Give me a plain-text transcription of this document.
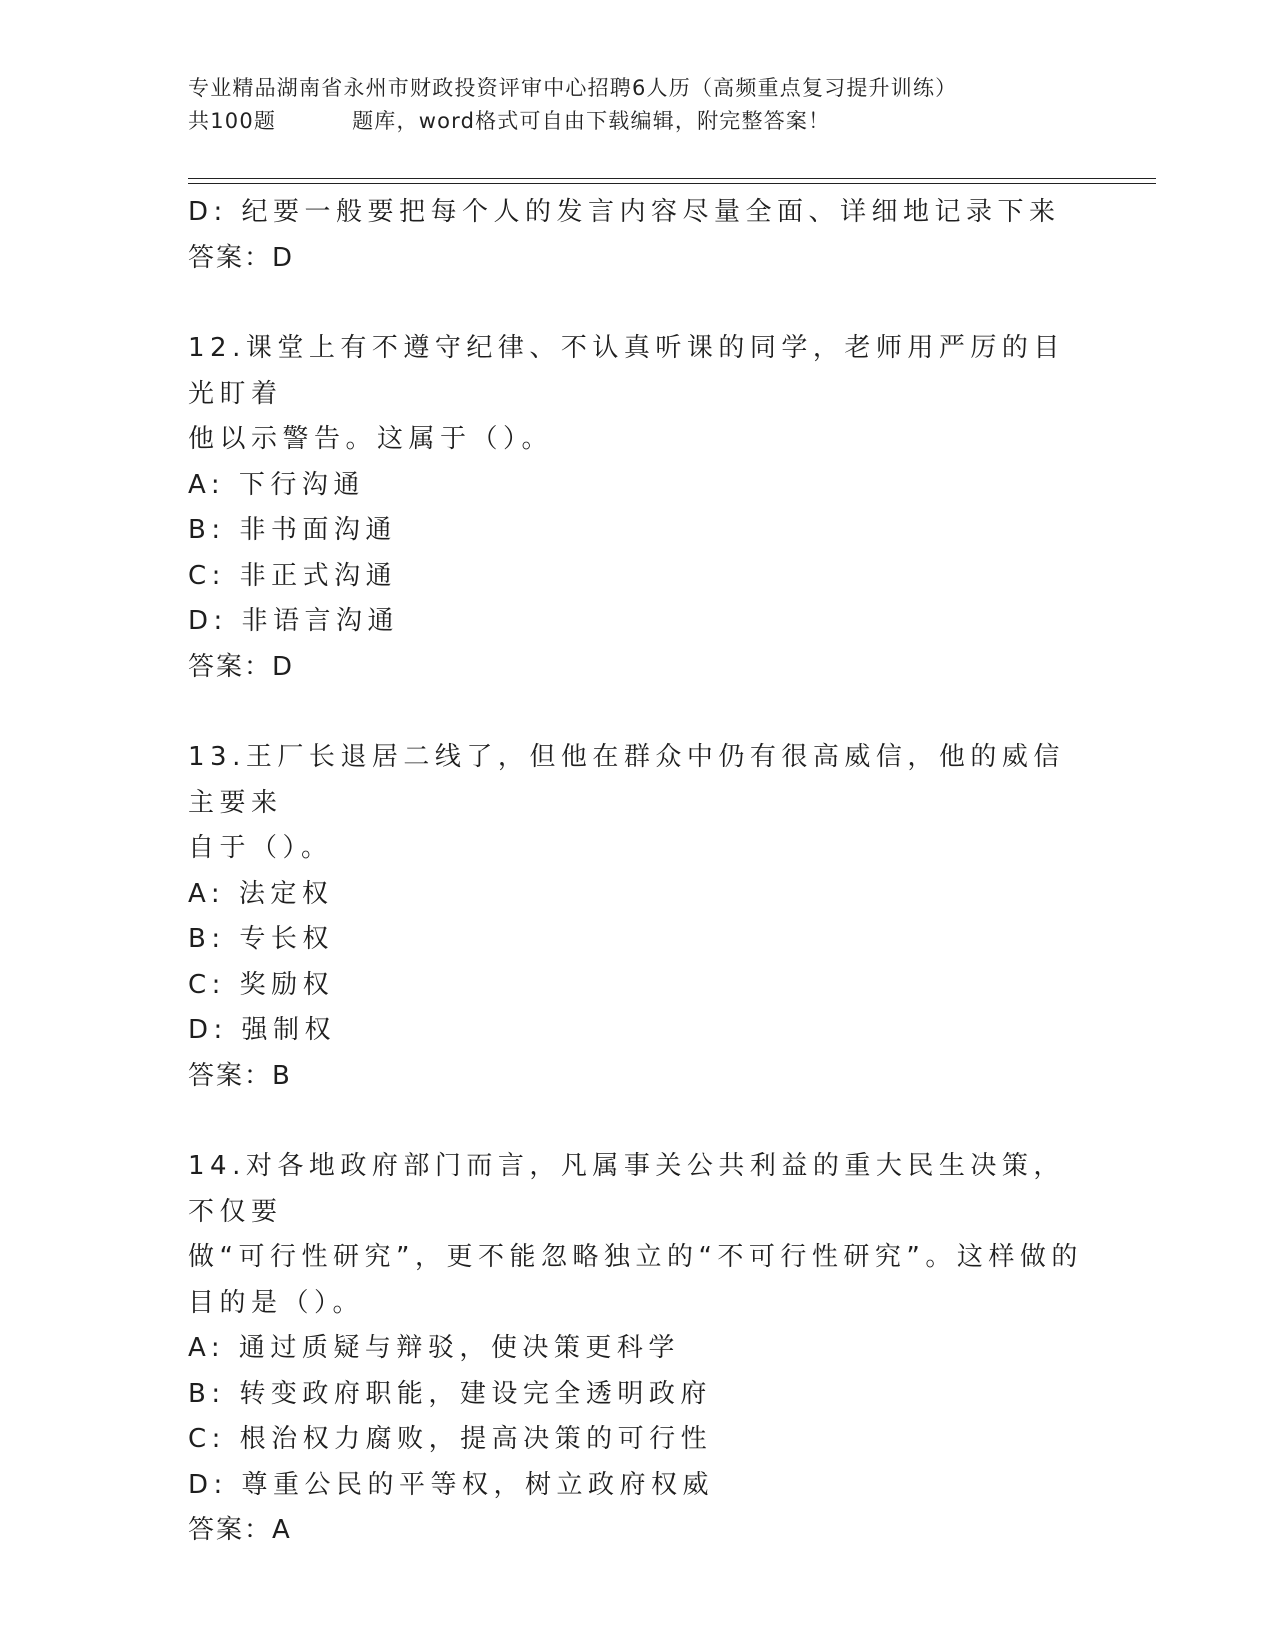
专业精品湖南省永州市财政投资评审中心招聘6人历（高频重点复习提升训练）
共100题	题库，word格式可自由下载编辑，附完整答案！
D: 纪要一般要把每个人的发言内容尽量全面、详细地记录下来
答案：D
12.课堂上有不遵守纪律、不认真听课的同学，老师用严厉的目光盯着
他以示警告。这属于（）。
A: 下行沟通
B: 非书面沟通
C: 非正式沟通
D: 非语言沟通
答案：D
13.王厂长退居二线了，但他在群众中仍有很高威信，他的威信主要来
自于（）。
A: 法定权
B: 专长权
C: 奖励权
D: 强制权
答案：B
14.对各地政府部门而言，凡属事关公共利益的重大民生决策，不仅要
做“可行性研究”，更不能忽略独立的“不可行性研究”。这样做的
目的是（）。
A: 通过质疑与辩驳，使决策更科学
B: 转变政府职能，建设完全透明政府
C: 根治权力腐败，提高决策的可行性
D: 尊重公民的平等权，树立政府权威
答案：A
